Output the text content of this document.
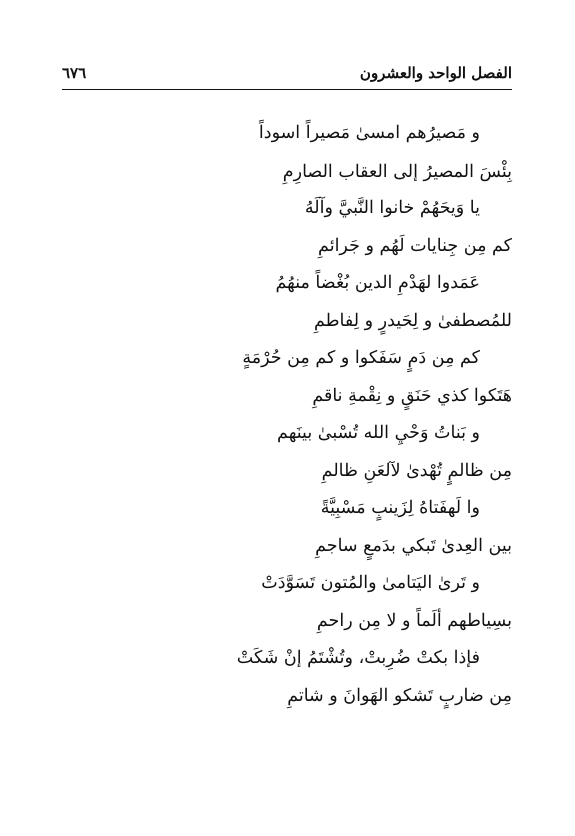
الفصل الواحد والعشرون
٦٧٦
و مَصيرُهم امسىٰ مَصيراً اسوداً
بِئْسَ المصيرُ إلى العقاب الصارِمِ
يا وَيحَهُمْ خانوا النَّبيَّ وآلَهُ
كم مِن جِنايات لَهُم و جَرائمِ
عَمَدوا لهَدْمِ الدين بُغْضاً منهُمُ
للمُصطفىٰ و لِحَيدرٍ و لِفاطمِ
كم مِن دَمٍ سَفَكوا و كم مِن حُرْمَةٍ
هَتَكوا كذي حَنَقٍ و نِقْمةِ ناقمِ
و بَناتُ وَحْيِ الله تُسْبىٰ بينَهم
مِن ظالمٍ تُهْدىٰ لآلعَنِ ظالمِ
وا لَهفَتاهُ لِزَينبٍ مَسْبِيَّةً
بين العِدىٰ تَبكي بدَمعٍ ساجمِ
و تَرىٰ اليَتامىٰ والمُتون تَسَوَّدَتْ
بسِياطهم ألَماً و لا مِن راحمِ
فإذا بكتْ ضُرِبتْ، وتُشْتَمُ إنْ شَكَتْ
مِن ضاربٍ تَشكو الهَوانَ و شاتمِ
